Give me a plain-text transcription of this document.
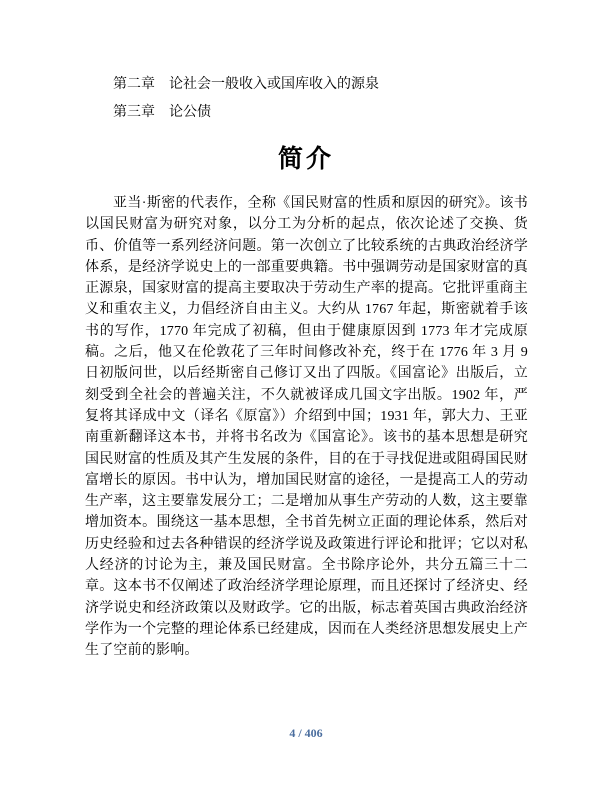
第二章 论社会一般收入或国库收入的源泉
第三章 论公债
简介
亚当·斯密的代表作，全称《国民财富的性质和原因的研究》。该书以国民财富为研究对象，以分工为分析的起点，依次论述了交换、货币、价值等一系列经济问题。第一次创立了比较系统的古典政治经济学体系，是经济学说史上的一部重要典籍。书中强调劳动是国家财富的真正源泉，国家财富的提高主要取决于劳动生产率的提高。它批评重商主义和重农主义，力倡经济自由主义。大约从 1767 年起，斯密就着手该书的写作，1770 年完成了初稿，但由于健康原因到 1773 年才完成原稿。之后，他又在伦敦花了三年时间修改补充，终于在 1776 年 3 月 9 日初版问世，以后经斯密自己修订又出了四版。《国富论》出版后，立刻受到全社会的普遍关注，不久就被译成几国文字出版。1902 年，严复将其译成中文（译名《原富》）介绍到中国；1931 年，郭大力、王亚南重新翻译这本书，并将书名改为《国富论》。该书的基本思想是研究国民财富的性质及其产生发展的条件，目的在于寻找促进或阻碍国民财富增长的原因。书中认为，增加国民财富的途径，一是提高工人的劳动生产率，这主要靠发展分工；二是增加从事生产劳动的人数，这主要靠增加资本。围绕这一基本思想，全书首先树立正面的理论体系，然后对历史经验和过去各种错误的经济学说及政策进行评论和批评；它以对私人经济的讨论为主，兼及国民财富。全书除序论外，共分五篇三十二章。这本书不仅阐述了政治经济学理论原理，而且还探讨了经济史、经济学说史和经济政策以及财政学。它的出版，标志着英国古典政治经济学作为一个完整的理论体系已经建成，因而在人类经济思想发展史上产生了空前的影响。
4 / 406
